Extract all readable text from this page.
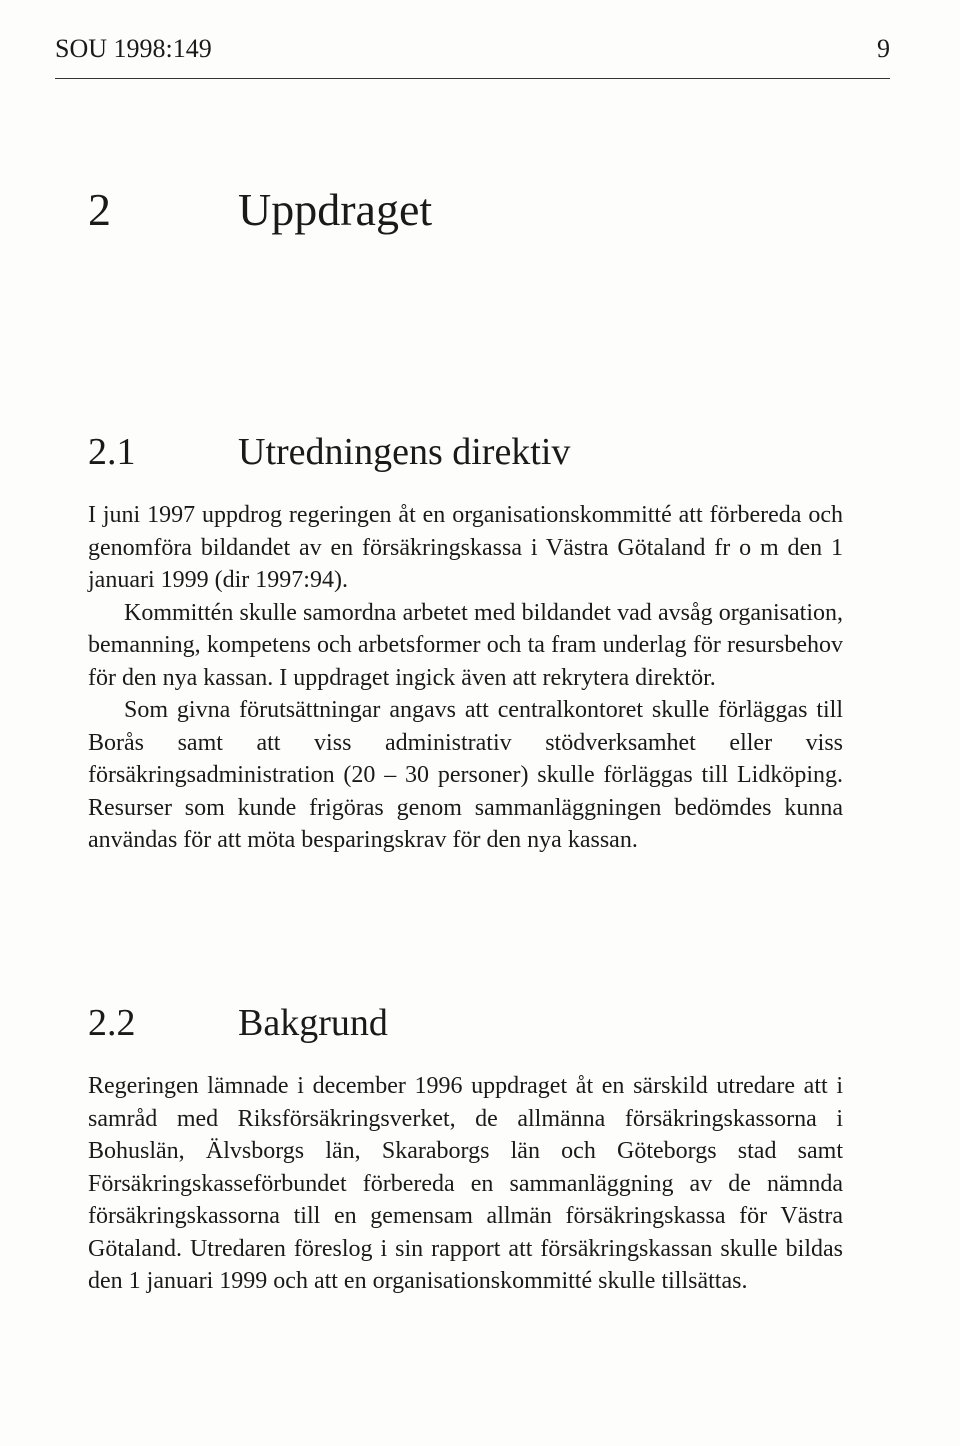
SOU 1998:149	9
2	Uppdraget
2.1	Utredningens direktiv

I juni 1997 uppdrog regeringen åt en organisationskommitté att förbereda och genomföra bildandet av en försäkringskassa i Västra Götaland fr o m den 1 januari 1999 (dir 1997:94).

Kommittén skulle samordna arbetet med bildandet vad avsåg organisation, bemanning, kompetens och arbetsformer och ta fram underlag för resursbehov för den nya kassan. I uppdraget ingick även att rekrytera direktör.

Som givna förutsättningar angavs att centralkontoret skulle förläggas till Borås samt att viss administrativ stödverksamhet eller viss försäkringsadministration (20 – 30 personer) skulle förläggas till Lidköping. Resurser som kunde frigöras genom sammanläggningen bedömdes kunna användas för att möta besparingskrav för den nya kassan.

2.2	Bakgrund

Regeringen lämnade i december 1996 uppdraget åt en särskild utredare att i samråd med Riksförsäkringsverket, de allmänna försäkringskassorna i Bohuslän, Älvsborgs län, Skaraborgs län och Göteborgs stad samt Försäkringskasseförbundet förbereda en sammanläggning av de nämnda försäkringskassorna till en gemensam allmän försäkringskassa för Västra Götaland. Utredaren föreslog i sin rapport att försäkringskassan skulle bildas den 1 januari 1999 och att en organisationskommitté skulle tillsättas.
